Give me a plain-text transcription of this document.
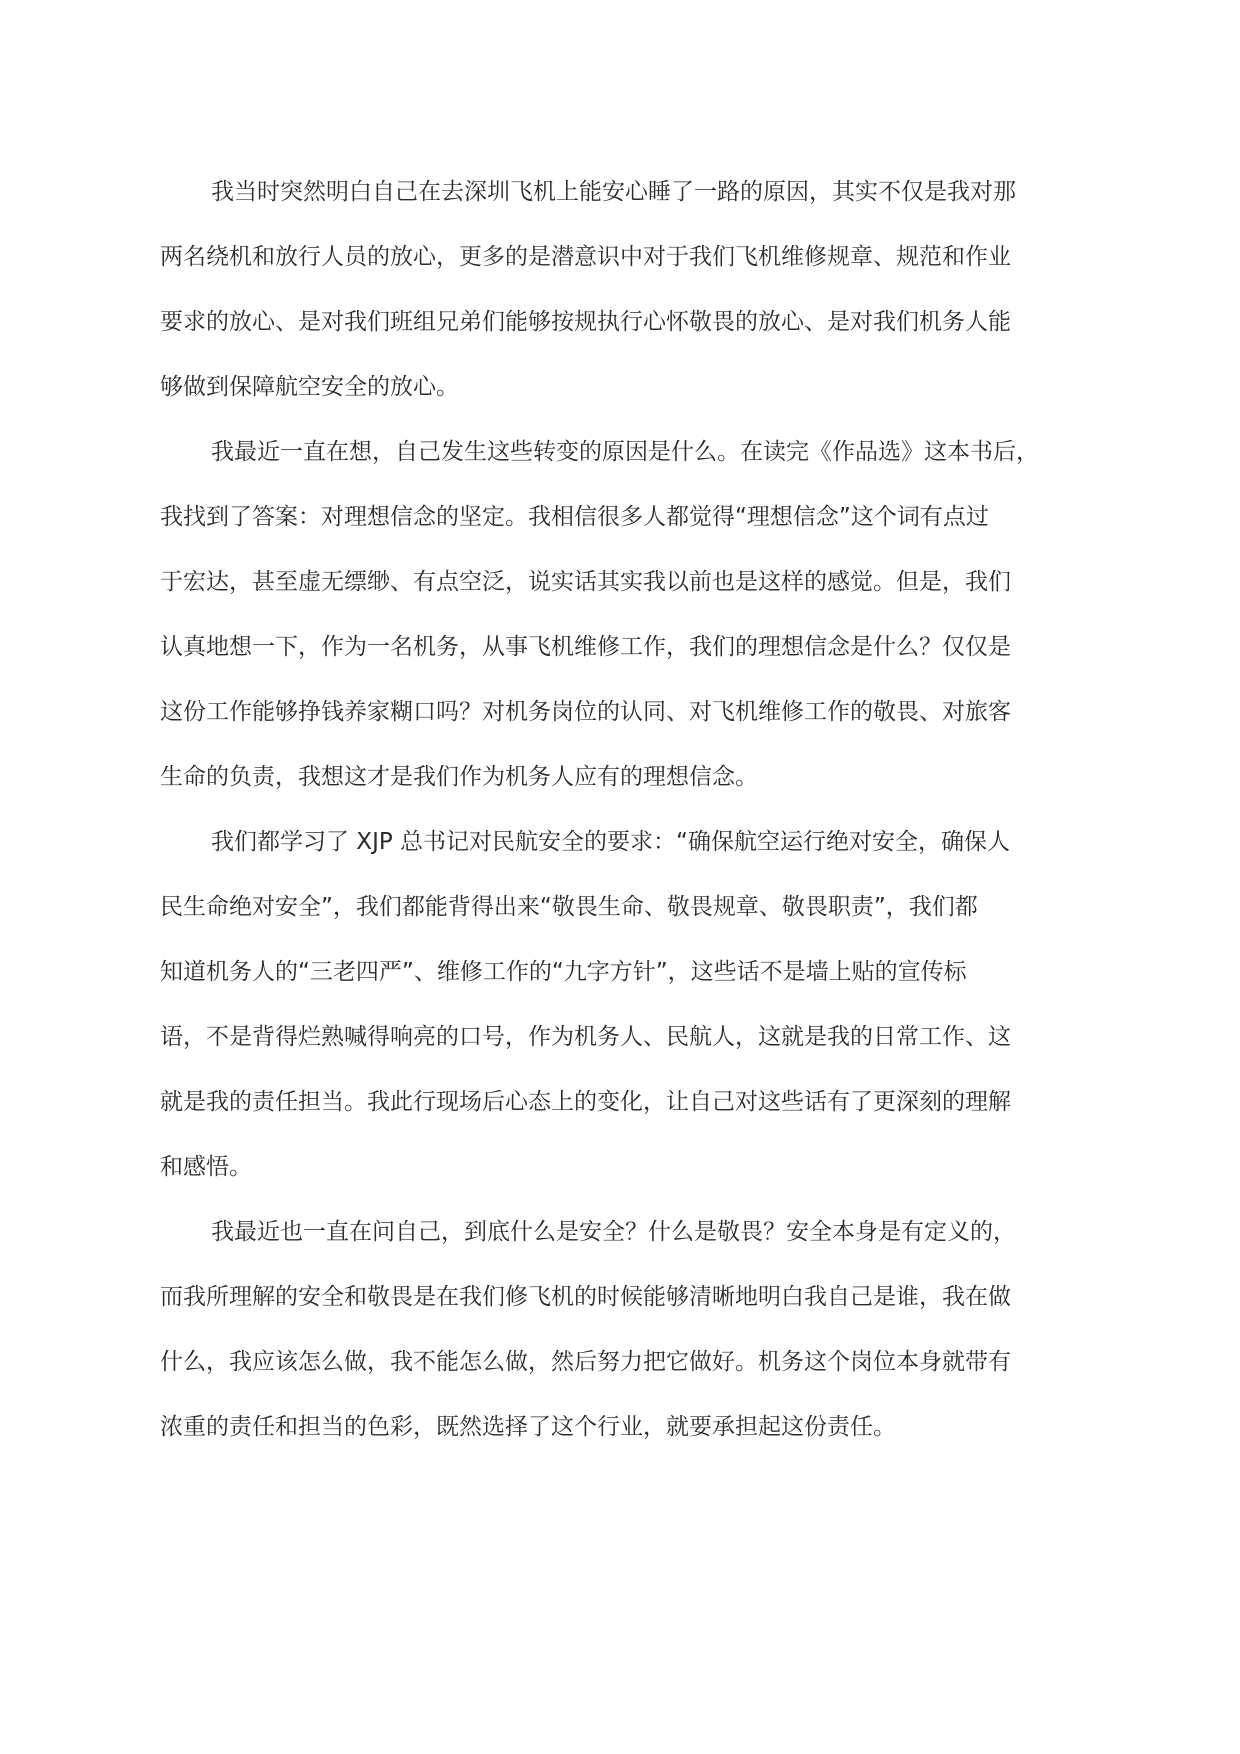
我当时突然明白自己在去深圳飞机上能安心睡了一路的原因，其实不仅是我对那
两名绕机和放行人员的放心，更多的是潜意识中对于我们飞机维修规章、规范和作业
要求的放心、是对我们班组兄弟们能够按规执行心怀敬畏的放心、是对我们机务人能
够做到保障航空安全的放心。
我最近一直在想，自己发生这些转变的原因是什么。在读完《作品选》这本书后，
我找到了答案：对理想信念的坚定。我相信很多人都觉得“理想信念”这个词有点过
于宏达，甚至虚无缥缈、有点空泛，说实话其实我以前也是这样的感觉。但是，我们
认真地想一下，作为一名机务，从事飞机维修工作，我们的理想信念是什么？仅仅是
这份工作能够挣钱养家糊口吗？对机务岗位的认同、对飞机维修工作的敬畏、对旅客
生命的负责，我想这才是我们作为机务人应有的理想信念。
我们都学习了 XJP 总书记对民航安全的要求：“确保航空运行绝对安全，确保人
民生命绝对安全”，我们都能背得出来“敬畏生命、敬畏规章、敬畏职责”，我们都
知道机务人的“三老四严”、维修工作的“九字方针”，这些话不是墙上贴的宣传标
语，不是背得烂熟喊得响亮的口号，作为机务人、民航人，这就是我的日常工作、这
就是我的责任担当。我此行现场后心态上的变化，让自己对这些话有了更深刻的理解
和感悟。
我最近也一直在问自己，到底什么是安全？什么是敬畏？安全本身是有定义的，
而我所理解的安全和敬畏是在我们修飞机的时候能够清晰地明白我自己是谁，我在做
什么，我应该怎么做，我不能怎么做，然后努力把它做好。机务这个岗位本身就带有
浓重的责任和担当的色彩，既然选择了这个行业，就要承担起这份责任。
